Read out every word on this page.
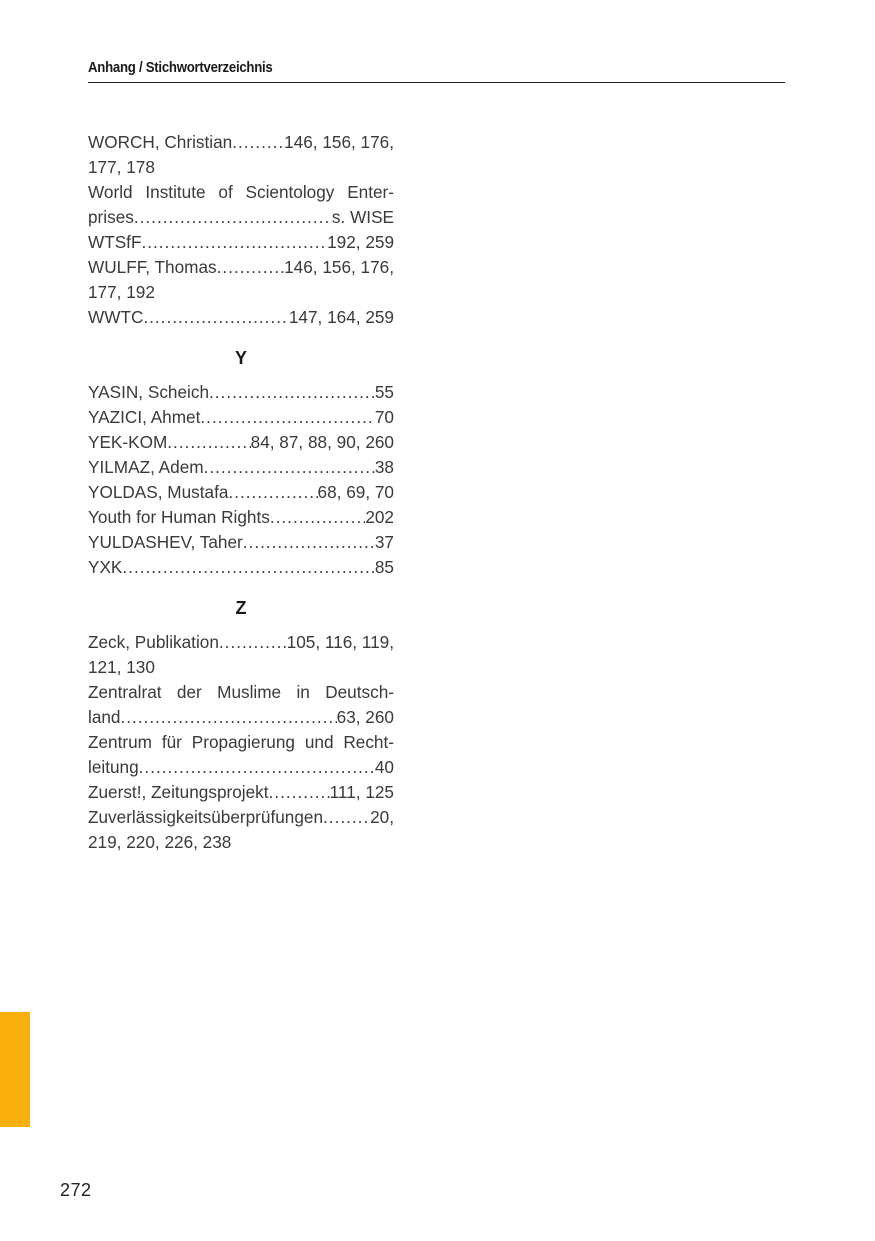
Anhang / Stichwortverzeichnis
WORCH, Christian .....	146, 156, 176,
177, 178
World Institute of Scientology Enter-
prises .....	s. WISE
WTSfF .....	192, 259
WULFF, Thomas .....	146, 156, 176,
177, 192
WWTC .....	147, 164, 259
Y
YASIN, Scheich .....	55
YAZICI, Ahmet .....	70
YEK-KOM .....	84, 87, 88, 90, 260
YILMAZ, Adem .....	38
YOLDAS, Mustafa .....	68, 69, 70
Youth for Human Rights .....	202
YULDASHEV, Taher .....	37
YXK .....	85
Z
Zeck, Publikation .....	105, 116, 119,
121, 130
Zentralrat der Muslime in Deutsch-
land .....	63, 260
Zentrum für Propagierung und Recht-
leitung .....	40
Zuerst!, Zeitungsprojekt .....	111, 125
Zuverlässigkeitsüberprüfungen .....	20,
219, 220, 226, 238
272
